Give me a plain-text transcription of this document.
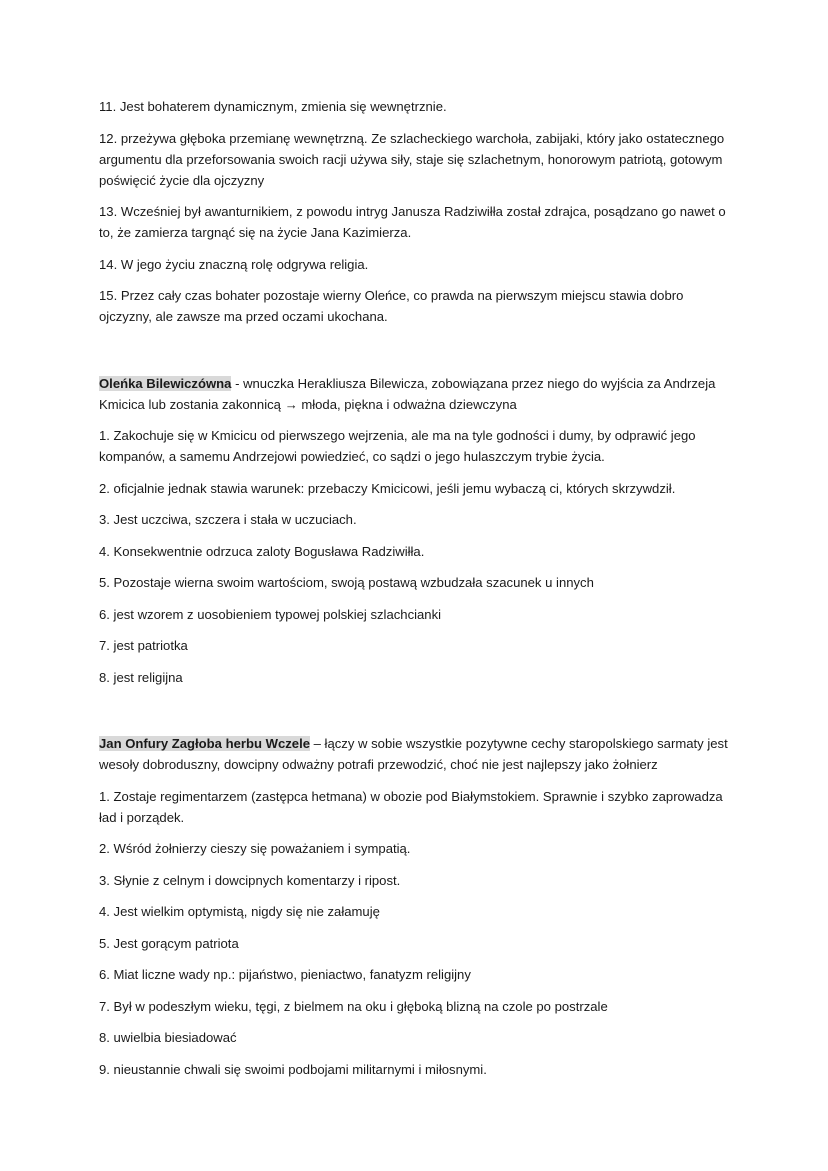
11. Jest bohaterem dynamicznym, zmienia się wewnętrznie.

12. przeżywa głęboka przemianę wewnętrzną. Ze szlacheckiego warchoła, zabijaki, który jako ostatecznego argumentu dla przeforsowania swoich racji używa siły, staje się szlachetnym, honorowym patriotą, gotowym poświęcić życie dla ojczyzny

13. Wcześniej był awanturnikiem, z powodu intryg Janusza Radziwiłła został zdrajca, posądzano go nawet o to, że zamierza targnąć się na życie Jana Kazimierza.

14. W jego życiu znaczną rolę odgrywa religia.

15. Przez cały czas bohater pozostaje wierny Oleńce, co prawda na pierwszym miejscu stawia dobro ojczyzny, ale zawsze ma przed oczami ukochana.

Oleńka Bilewiczówna - wnuczka Herakliusza Bilewicza, zobowiązana przez niego do wyjścia za Andrzeja Kmicica lub zostania zakonnicą → młoda, piękna i odważna dziewczyna

1. Zakochuje się w Kmicicu od pierwszego wejrzenia, ale ma na tyle godności i dumy, by odprawić jego kompanów, a samemu Andrzejowi powiedzieć, co sądzi o jego hulaszczym trybie życia.

2. oficjalnie jednak stawia warunek: przebaczy Kmicicowi, jeśli jemu wybaczą ci, których skrzywdził.

3. Jest uczciwa, szczera i stała w uczuciach.

4. Konsekwentnie odrzuca zaloty Bogusława Radziwiłła.

5. Pozostaje wierna swoim wartościom, swoją postawą wzbudzała szacunek u innych

6. jest wzorem z uosobieniem typowej polskiej szlachcianki

7. jest patriotka

8. jest religijna

Jan Onfury Zagłoba herbu Wczele – łączy w sobie wszystkie pozytywne cechy staropolskiego sarmaty jest wesoły dobroduszny, dowcipny odważny potrafi przewodzić, choć nie jest najlepszy jako żołnierz

1. Zostaje regimentarzem (zastępca hetmana) w obozie pod Białymstokiem. Sprawnie i szybko zaprowadza ład i porządek.

2. Wśród żołnierzy cieszy się poważaniem i sympatią.

3. Słynie z celnym i dowcipnych komentarzy i ripost.

4. Jest wielkim optymistą, nigdy się nie załamuję

5. Jest gorącym patriota

6. Miat liczne wady np.: pijaństwo, pieniactwo, fanatyzm religijny

7. Był w podeszłym wieku, tęgi, z bielmem na oku i głęboką blizną na czole po postrzale

8. uwielbia biesiadować

9. nieustannie chwali się swoimi podbojami militarnymi i miłosnymi.
